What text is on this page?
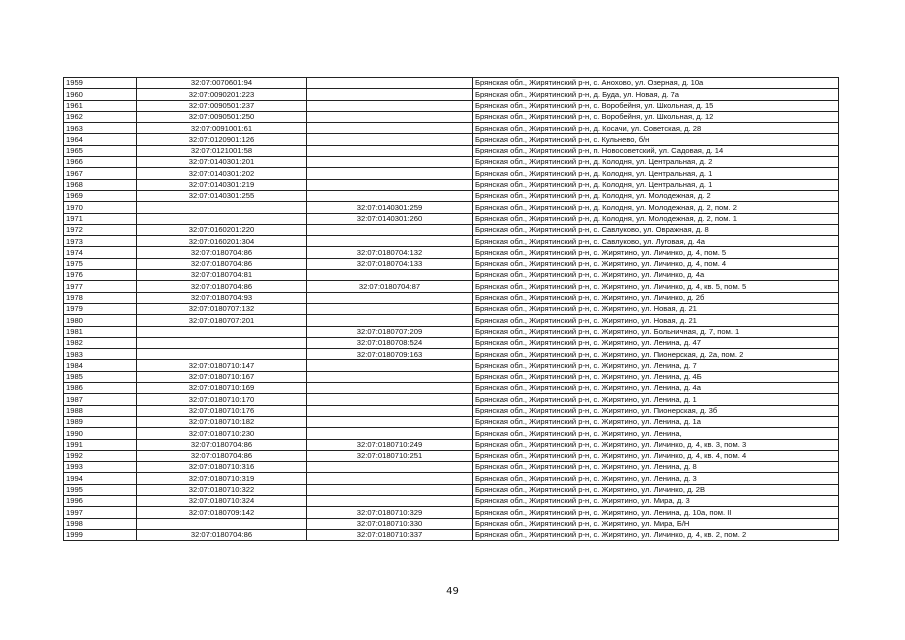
1959	32:07:0070601:94		Брянская обл., Жирятинский р-н, с. Анохово, ул. Озерная, д. 10а
1960	32:07:0090201:223		Брянская обл., Жирятинский р-н, д. Буда, ул. Новая, д. 7а
1961	32:07:0090501:237		Брянская обл., Жирятинский р-н, с. Воробейня, ул. Школьная, д. 15
1962	32:07:0090501:250		Брянская обл., Жирятинский р-н, с. Воробейня, ул. Школьная, д. 12
1963	32:07:0091001:61		Брянская обл., Жирятинский р-н, д. Косачи, ул. Советская, д. 28
1964	32:07:0120901:126		Брянская обл., Жирятинский р-н, с. Кульнево, б/н
1965	32:07:0121001:58		Брянская обл., Жирятинский р-н, п. Новосоветский, ул. Садовая, д. 14
1966	32:07:0140301:201		Брянская обл., Жирятинский р-н, д. Колодня, ул. Центральная, д. 2
1967	32:07:0140301:202		Брянская обл., Жирятинский р-н, д. Колодня, ул. Центральная, д. 1
1968	32:07:0140301:219		Брянская обл., Жирятинский р-н, д. Колодня, ул. Центральная, д. 1
1969	32:07:0140301:255		Брянская обл., Жирятинский р-н, д. Колодня, ул. Молодежная, д. 2
1970		32:07:0140301:259	Брянская обл., Жирятинский р-н, д. Колодня, ул. Молодежная, д. 2, пом. 2
1971		32:07:0140301:260	Брянская обл., Жирятинский р-н, д. Колодня, ул. Молодежная, д. 2, пом. 1
1972	32:07:0160201:220		Брянская обл., Жирятинский р-н, с. Савлуково, ул. Овражная, д. 8
1973	32:07:0160201:304		Брянская обл., Жирятинский р-н, с. Савлуково, ул. Луговая, д. 4а
1974	32:07:0180704:86	32:07:0180704:132	Брянская обл., Жирятинский р-н, с. Жирятино, ул. Личинко, д. 4, пом. 5
1975	32:07:0180704:86	32:07:0180704:133	Брянская обл., Жирятинский р-н, с. Жирятино, ул. Личинко, д. 4, пом. 4
1976	32:07:0180704:81		Брянская обл., Жирятинский р-н, с. Жирятино, ул. Личинко, д. 4а
1977	32:07:0180704:86	32:07:0180704:87	Брянская обл., Жирятинский р-н, с. Жирятино, ул. Личинко, д. 4, кв. 5, пом. 5
1978	32:07:0180704:93		Брянская обл., Жирятинский р-н, с. Жирятино, ул. Личинко, д. 2б
1979	32:07:0180707:132		Брянская обл., Жирятинский р-н, с. Жирятино, ул. Новая, д. 21
1980	32:07:0180707:201		Брянская обл., Жирятинский р-н, с. Жирятино, ул. Новая, д. 21
1981		32:07:0180707:209	Брянская обл., Жирятинский р-н, с. Жирятино, ул. Больничная, д. 7, пом. 1
1982		32:07:0180708:524	Брянская обл., Жирятинский р-н, с. Жирятино, ул. Ленина, д. 47
1983		32:07:0180709:163	Брянская обл., Жирятинский р-н, с. Жирятино, ул. Пионерская, д. 2а, пом. 2
1984	32:07:0180710:147		Брянская обл., Жирятинский р-н, с. Жирятино, ул. Ленина, д. 7
1985	32:07:0180710:167		Брянская обл., Жирятинский р-н, с. Жирятино, ул. Ленина, д. 4Б
1986	32:07:0180710:169		Брянская обл., Жирятинский р-н, с. Жирятино, ул. Ленина, д. 4а
1987	32:07:0180710:170		Брянская обл., Жирятинский р-н, с. Жирятино, ул. Ленина, д. 1
1988	32:07:0180710:176		Брянская обл., Жирятинский р-н, с. Жирятино, ул. Пионерская, д. 3б
1989	32:07:0180710:182		Брянская обл., Жирятинский р-н, с. Жирятино, ул. Ленина, д. 1а
1990	32:07:0180710:230		Брянская обл., Жирятинский р-н, с. Жирятино, ул. Ленина,
1991	32:07:0180704:86	32:07:0180710:249	Брянская обл., Жирятинский р-н, с. Жирятино, ул. Личинко, д. 4, кв. 3, пом. 3
1992	32:07:0180704:86	32:07:0180710:251	Брянская обл., Жирятинский р-н, с. Жирятино, ул. Личинко, д. 4, кв. 4, пом. 4
1993	32:07:0180710:316		Брянская обл., Жирятинский р-н, с. Жирятино, ул. Ленина, д. 8
1994	32:07:0180710:319		Брянская обл., Жирятинский р-н, с. Жирятино, ул. Ленина, д. 3
1995	32:07:0180710:322		Брянская обл., Жирятинский р-н, с. Жирятино, ул. Личинко, д. 2В
1996	32:07:0180710:324		Брянская обл., Жирятинский р-н, с. Жирятино, ул. Мира, д. 3
1997	32:07:0180709:142	32:07:0180710:329	Брянская обл., Жирятинский р-н, с. Жирятино, ул. Ленина, д. 10а, пом. II
1998		32:07:0180710:330	Брянская обл., Жирятинский р-н, с. Жирятино, ул. Мира, Б/Н
1999	32:07:0180704:86	32:07:0180710:337	Брянская обл., Жирятинский р-н, с. Жирятино, ул. Личинко, д. 4, кв. 2, пом. 2
49
